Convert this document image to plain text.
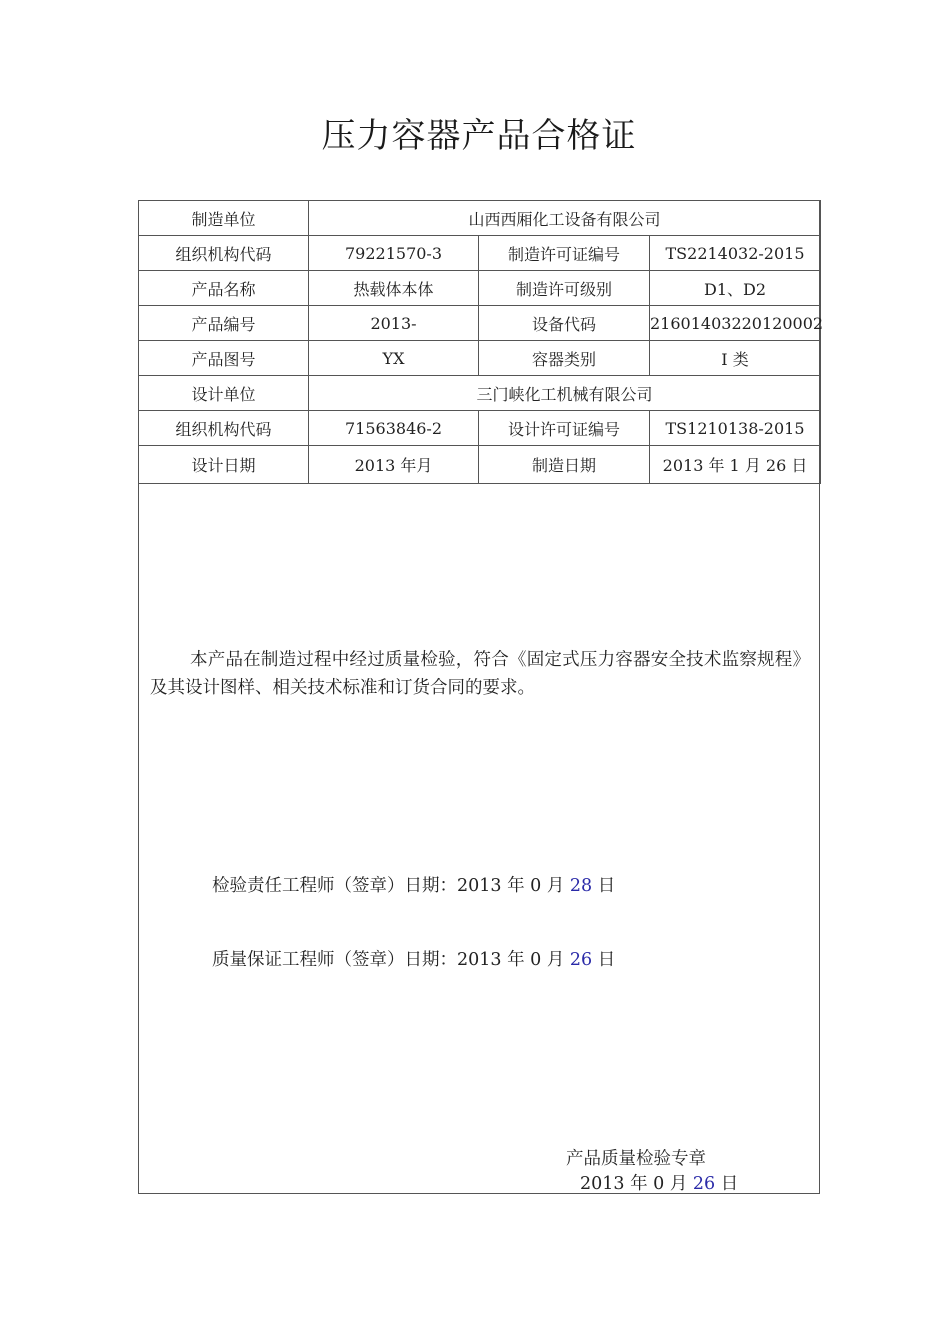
压力容器产品合格证
制造单位	山西西厢化工设备有限公司		
组织机构代码	79221570-3	制造许可证编号	TS2214032-2015
产品名称	热载体本体	制造许可级别	D1、D2
产品编号	2013-	设备代码	21601403220120002
产品图号	YX	容器类别	I 类
设计单位	三门峡化工机械有限公司		
组织机构代码	71563846-2	设计许可证编号	TS1210138-2015
设计日期	2013 年月	制造日期	2013 年 1 月 26 日
本产品在制造过程中经过质量检验，符合《固定式压力容器安全技术监察规程》及其设计图样、相关技术标准和订货合同的要求。
检验责任工程师（签章）日期：2013 年 0 月 28 日
质量保证工程师（签章）日期：2013 年 0 月 26 日
产品质量检验专章
2013 年 0 月 26 日
